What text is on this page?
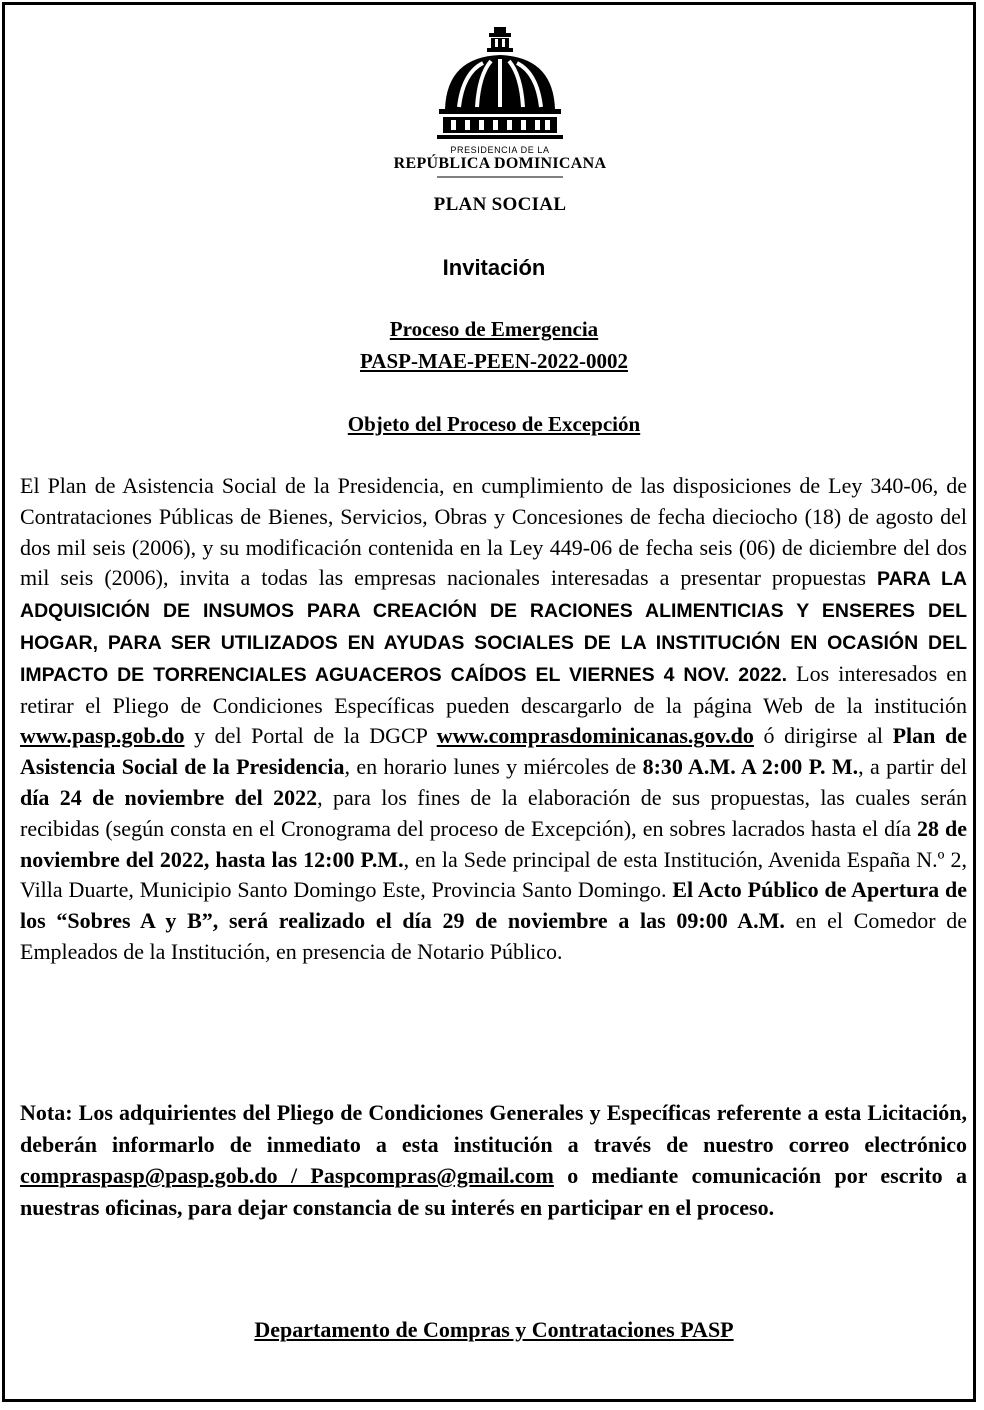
PRESIDENCIA DE LA
REPÚBLICA DOMINICANA
PLAN SOCIAL
Invitación
Proceso de Emergencia
PASP-MAE-PEEN-2022-0002
Objeto del Proceso de Excepción
El Plan de Asistencia Social de la Presidencia, en cumplimiento de las disposiciones de Ley 340-06, de Contrataciones Públicas de Bienes, Servicios, Obras y Concesiones de fecha dieciocho (18) de agosto del dos mil seis (2006), y su modificación contenida en la Ley 449-06 de fecha seis (06) de diciembre del dos mil seis (2006), invita a todas las empresas nacionales interesadas a presentar propuestas PARA LA ADQUISICIÓN DE INSUMOS PARA CREACIÓN DE RACIONES ALIMENTICIAS Y ENSERES DEL HOGAR, PARA SER UTILIZADOS EN AYUDAS SOCIALES DE LA INSTITUCIÓN EN OCASIÓN DEL IMPACTO DE TORRENCIALES AGUACEROS CAÍDOS EL VIERNES 4 NOV. 2022. Los interesados en retirar el Pliego de Condiciones Específicas pueden descargarlo de la página Web de la institución www.pasp.gob.do y del Portal de la DGCP www.comprasdominicanas.gov.do ó dirigirse al Plan de Asistencia Social de la Presidencia, en horario lunes y miércoles de 8:30 A.M. A 2:00 P. M., a partir del día 24 de noviembre del 2022, para los fines de la elaboración de sus propuestas, las cuales serán recibidas (según consta en el Cronograma del proceso de Excepción), en sobres lacrados hasta el día 28 de noviembre del 2022, hasta las 12:00 P.M., en la Sede principal de esta Institución, Avenida España N.º 2, Villa Duarte, Municipio Santo Domingo Este, Provincia Santo Domingo. El Acto Público de Apertura de los “Sobres A y B”, será realizado el día 29 de noviembre a las 09:00 A.M. en el Comedor de Empleados de la Institución, en presencia de Notario Público.
Nota: Los adquirientes del Pliego de Condiciones Generales y Específicas referente a esta Licitación, deberán informarlo de inmediato a esta institución a través de nuestro correo electrónico compraspasp@pasp.gob.do / Paspcompras@gmail.com o mediante comunicación por escrito a nuestras oficinas, para dejar constancia de su interés en participar en el proceso.
Departamento de Compras y Contrataciones PASP
